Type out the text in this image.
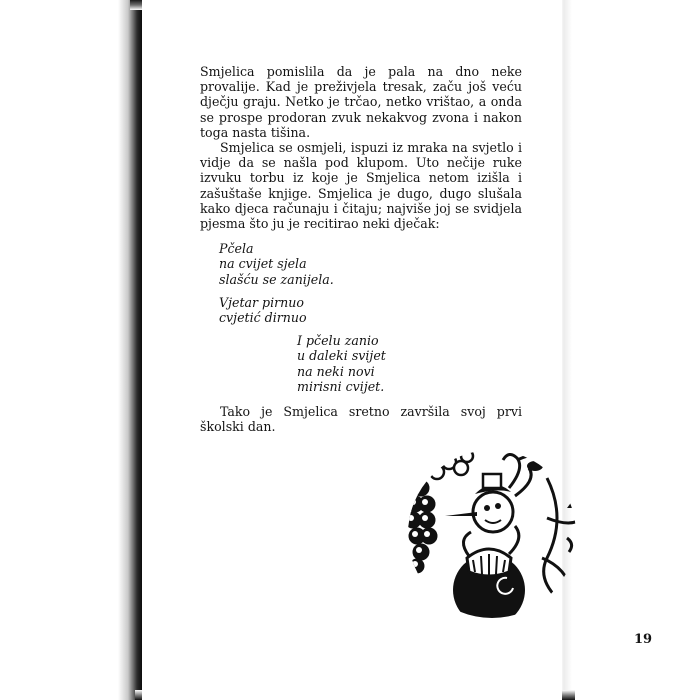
Smjelica pomislila da je pala na dno neke provalije. Kad je preživjela tresak, začu još veću dječju graju. Netko je trčao, netko vrištao, a onda se prospe prodoran zvuk nekakvog zvona i nakon toga nasta tišina.

Smjelica se osmjeli, ispuzi iz mraka na svjetlo i vidje da se našla pod klupom. Uto nečije ruke izvuku torbu iz koje je Smjelica netom izišla i zašuštaše knjige. Smjelica je dugo, dugo slušala kako djeca računaju i čitaju; najviše joj se svidjela pjesma što ju je recitirao neki dječak:

Pčela
na cvijet sjela
slašću se zanijela.
Vjetar pirnuo
cvjetić dirnuo
I pčelu zanio
u daleki svijet
na neki novi
mirisni cvijet.

Tako je Smjelica sretno završila svoj prvi školski dan.

19
